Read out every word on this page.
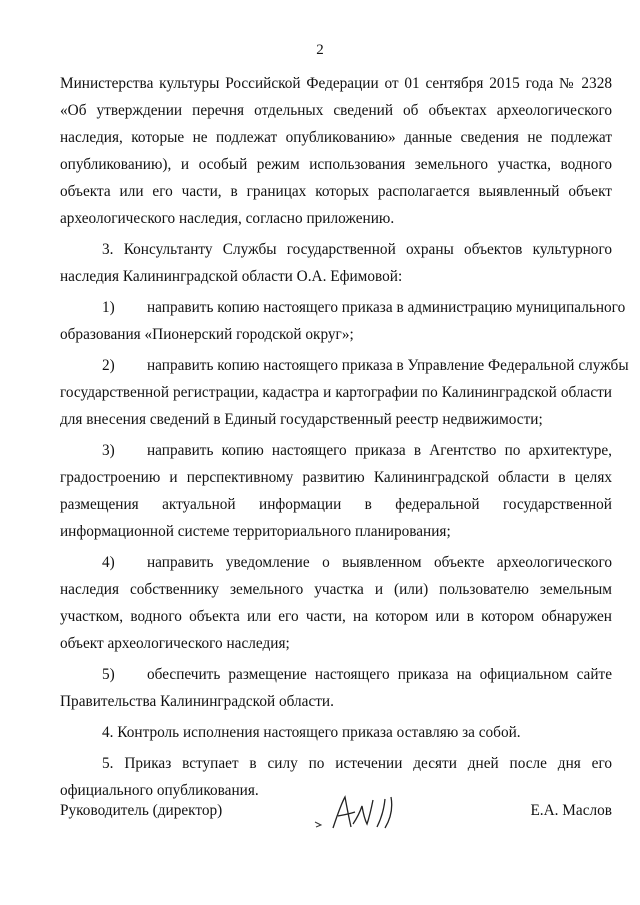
2
Министерства культуры Российской Федерации от 01 сентября 2015 года № 2328
«Об утверждении перечня отдельных сведений об объектах археологического
наследия, которые не подлежат опубликованию» данные сведения не подлежат
опубликованию), и особый режим использования земельного участка, водного
объекта или его части, в границах которых располагается выявленный объект
археологического наследия, согласно приложению.
3. Консультанту Службы государственной охраны объектов культурного
наследия Калининградской области О.А. Ефимовой:
1) направить копию настоящего приказа в администрацию муниципального
образования «Пионерский городской округ»;
2) направить копию настоящего приказа в Управление Федеральной службы
государственной регистрации, кадастра и картографии по Калининградской области
для внесения сведений в Единый государственный реестр недвижимости;
3) направить копию настоящего приказа в Агентство по архитектуре,
градостроению и перспективному развитию Калининградской области в целях
размещения актуальной информации в федеральной государственной
информационной системе территориального планирования;
4) направить уведомление о выявленном объекте археологического
наследия собственнику земельного участка и (или) пользователю земельным
участком, водного объекта или его части, на котором или в котором обнаружен
объект археологического наследия;
5) обеспечить размещение настоящего приказа на официальном сайте
Правительства Калининградской области.
4. Контроль исполнения настоящего приказа оставляю за собой.
5. Приказ вступает в силу по истечении десяти дней после дня его
официального опубликования.
Руководитель (директор)	Е.А. Маслов
